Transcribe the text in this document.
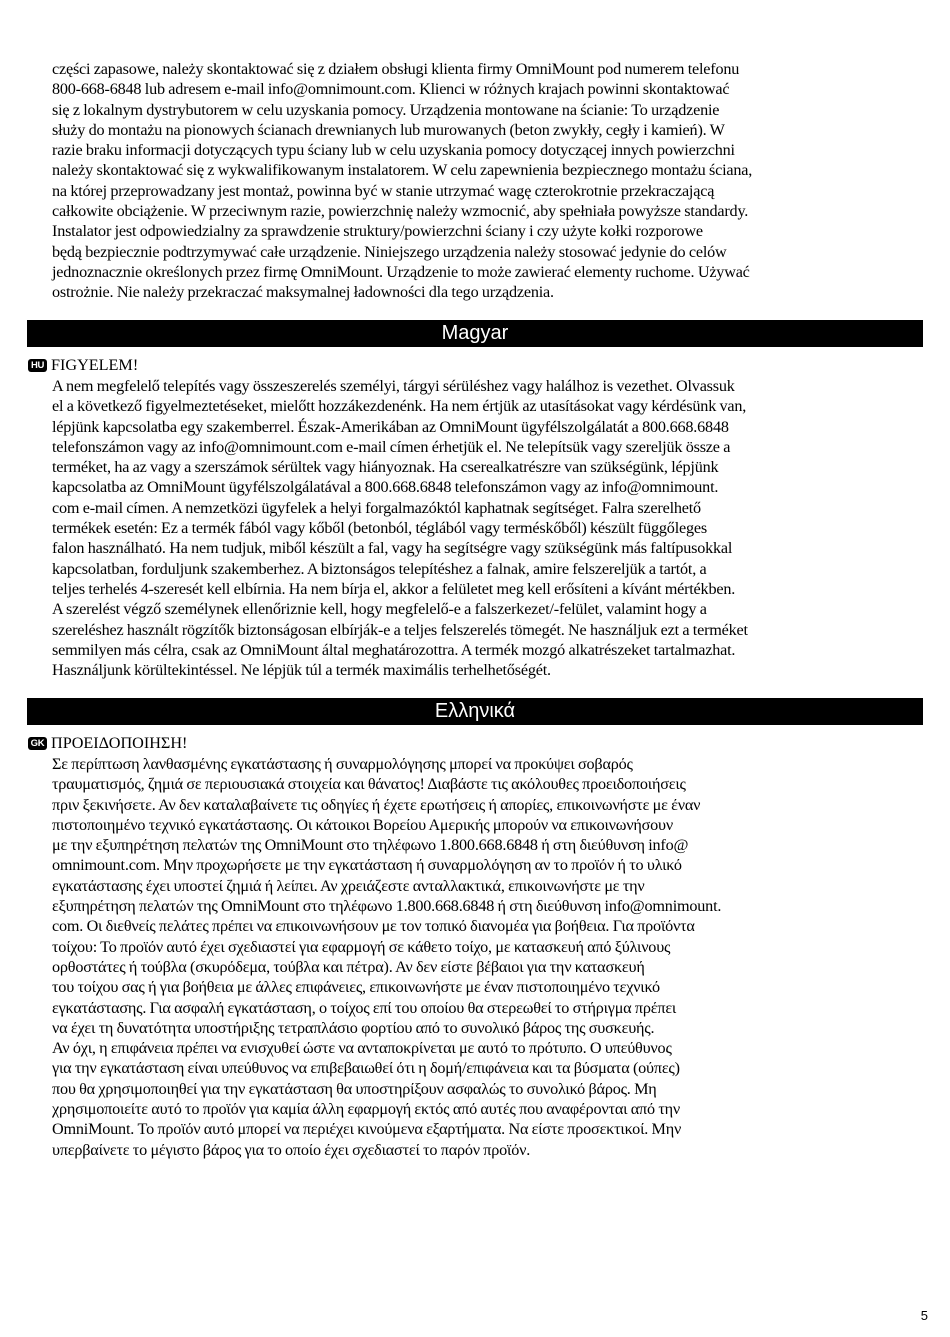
części zapasowe, należy skontaktować się z działem obsługi klienta firmy OmniMount pod numerem telefonu
800-668-6848 lub adresem e-mail info@omnimount.com. Klienci w różnych krajach powinni skontaktować
się z lokalnym dystrybutorem w celu uzyskania pomocy. Urządzenia montowane na ścianie: To urządzenie
służy do montażu na pionowych ścianach drewnianych lub murowanych (beton zwykły, cegły i kamień). W
razie braku informacji dotyczących typu ściany lub w celu uzyskania pomocy dotyczącej innych powierzchni
należy skontaktować się z wykwalifikowanym instalatorem. W celu zapewnienia bezpiecznego montażu ściana,
na której przeprowadzany jest montaż, powinna być w stanie utrzymać wagę czterokrotnie przekraczającą
całkowite obciążenie. W przeciwnym razie, powierzchnię należy wzmocnić, aby spełniała powyższe standardy.
Instalator jest odpowiedzialny za sprawdzenie struktury/powierzchni ściany i czy użyte kołki rozporowe
będą bezpiecznie podtrzymywać całe urządzenie. Niniejszego urządzenia należy stosować jedynie do celów
jednoznacznie określonych przez firmę OmniMount. Urządzenie to może zawierać elementy ruchome. Używać
ostrożnie. Nie należy przekraczać maksymalnej ładowności dla tego urządzenia.
Magyar
HU FIGYELEM!
A nem megfelelő telepítés vagy összeszerelés személyi, tárgyi sérüléshez vagy halálhoz is vezethet. Olvassuk
el a következő figyelmeztetéseket, mielőtt hozzákezdenénk. Ha nem értjük az utasításokat vagy kérdésünk van,
lépjünk kapcsolatba egy szakemberrel. Észak-Amerikában az OmniMount ügyfélszolgálatát a 800.668.6848
telefonszámon vagy az info@omnimount.com e-mail címen érhetjük el. Ne telepítsük vagy szereljük össze a
terméket, ha az vagy a szerszámok sérültek vagy hiányoznak. Ha cserealkatrészre van szükségünk, lépjünk
kapcsolatba az OmniMount ügyfélszolgálatával a 800.668.6848 telefonszámon vagy az info@omnimount.
com e-mail címen. A nemzetközi ügyfelek a helyi forgalmazóktól kaphatnak segítséget. Falra szerelhető
termékek esetén: Ez a termék fából vagy kőből (betonból, téglából vagy terméskőből) készült függőleges
falon használható. Ha nem tudjuk, miből készült a fal, vagy ha segítségre vagy szükségünk más faltípusokkal
kapcsolatban, forduljunk szakemberhez. A biztonságos telepítéshez a falnak, amire felszereljük a tartót, a
teljes terhelés 4-szeresét kell elbírnia. Ha nem bírja el, akkor a felületet meg kell erősíteni a kívánt mértékben.
A szerelést végző személynek ellenőriznie kell, hogy megfelelő-e a falszerkezet/-felület, valamint hogy a
szereléshez használt rögzítők biztonságosan elbírják-e a teljes felszerelés tömegét. Ne használjuk ezt a terméket
semmilyen más célra, csak az OmniMount által meghatározottra. A termék mozgó alkatrészeket tartalmazhat.
Használjunk körültekintéssel. Ne lépjük túl a termék maximális terhelhetőségét.
Ελληνικά
GK ΠΡΟΕΙΔΟΠΟΙΗΣΗ!
Σε περίπτωση λανθασμένης εγκατάστασης ή συναρμολόγησης μπορεί να προκύψει σοβαρός
τραυματισμός, ζημιά σε περιουσιακά στοιχεία και θάνατος! Διαβάστε τις ακόλουθες προειδοποιήσεις
πριν ξεκινήσετε. Αν δεν καταλαβαίνετε τις οδηγίες ή έχετε ερωτήσεις ή απορίες, επικοινωνήστε με έναν
πιστοποιημένο τεχνικό εγκατάστασης. Οι κάτοικοι Βορείου Αμερικής μπορούν να επικοινωνήσουν
με την εξυπηρέτηση πελατών της OmniMount στο τηλέφωνο 1.800.668.6848 ή στη διεύθυνση info@
omnimount.com. Μην προχωρήσετε με την εγκατάσταση ή συναρμολόγηση αν το προϊόν ή το υλικό
εγκατάστασης έχει υποστεί ζημιά ή λείπει. Αν χρειάζεστε ανταλλακτικά, επικοινωνήστε με την
εξυπηρέτηση πελατών της OmniMount στο τηλέφωνο 1.800.668.6848 ή στη διεύθυνση info@omnimount.
com. Οι διεθνείς πελάτες πρέπει να επικοινωνήσουν με τον τοπικό διανομέα για βοήθεια. Για προϊόντα
τοίχου: Το προϊόν αυτό έχει σχεδιαστεί για εφαρμογή σε κάθετο τοίχο, με κατασκευή από ξύλινους
ορθοστάτες ή τούβλα (σκυρόδεμα, τούβλα και πέτρα). Αν δεν είστε βέβαιοι για την κατασκευή
του τοίχου σας ή για βοήθεια με άλλες επιφάνειες, επικοινωνήστε με έναν πιστοποιημένο τεχνικό
εγκατάστασης. Για ασφαλή εγκατάσταση, ο τοίχος επί του οποίου θα στερεωθεί το στήριγμα πρέπει
να έχει τη δυνατότητα υποστήριξης τετραπλάσιο φορτίου από το συνολικό βάρος της συσκευής.
Αν όχι, η επιφάνεια πρέπει να ενισχυθεί ώστε να ανταποκρίνεται με αυτό το πρότυπο. Ο υπεύθυνος
για την εγκατάσταση είναι υπεύθυνος να επιβεβαιωθεί ότι η δομή/επιφάνεια και τα βύσματα (ούπες)
που θα χρησιμοποιηθεί για την εγκατάσταση θα υποστηρίξουν ασφαλώς το συνολικό βάρος. Μη
χρησιμοποιείτε αυτό το προϊόν για καμία άλλη εφαρμογή εκτός από αυτές που αναφέρονται από την
OmniMount. Το προϊόν αυτό μπορεί να περιέχει κινούμενα εξαρτήματα. Να είστε προσεκτικοί. Μην
υπερβαίνετε το μέγιστο βάρος για το οποίο έχει σχεδιαστεί το παρόν προϊόν.
5
